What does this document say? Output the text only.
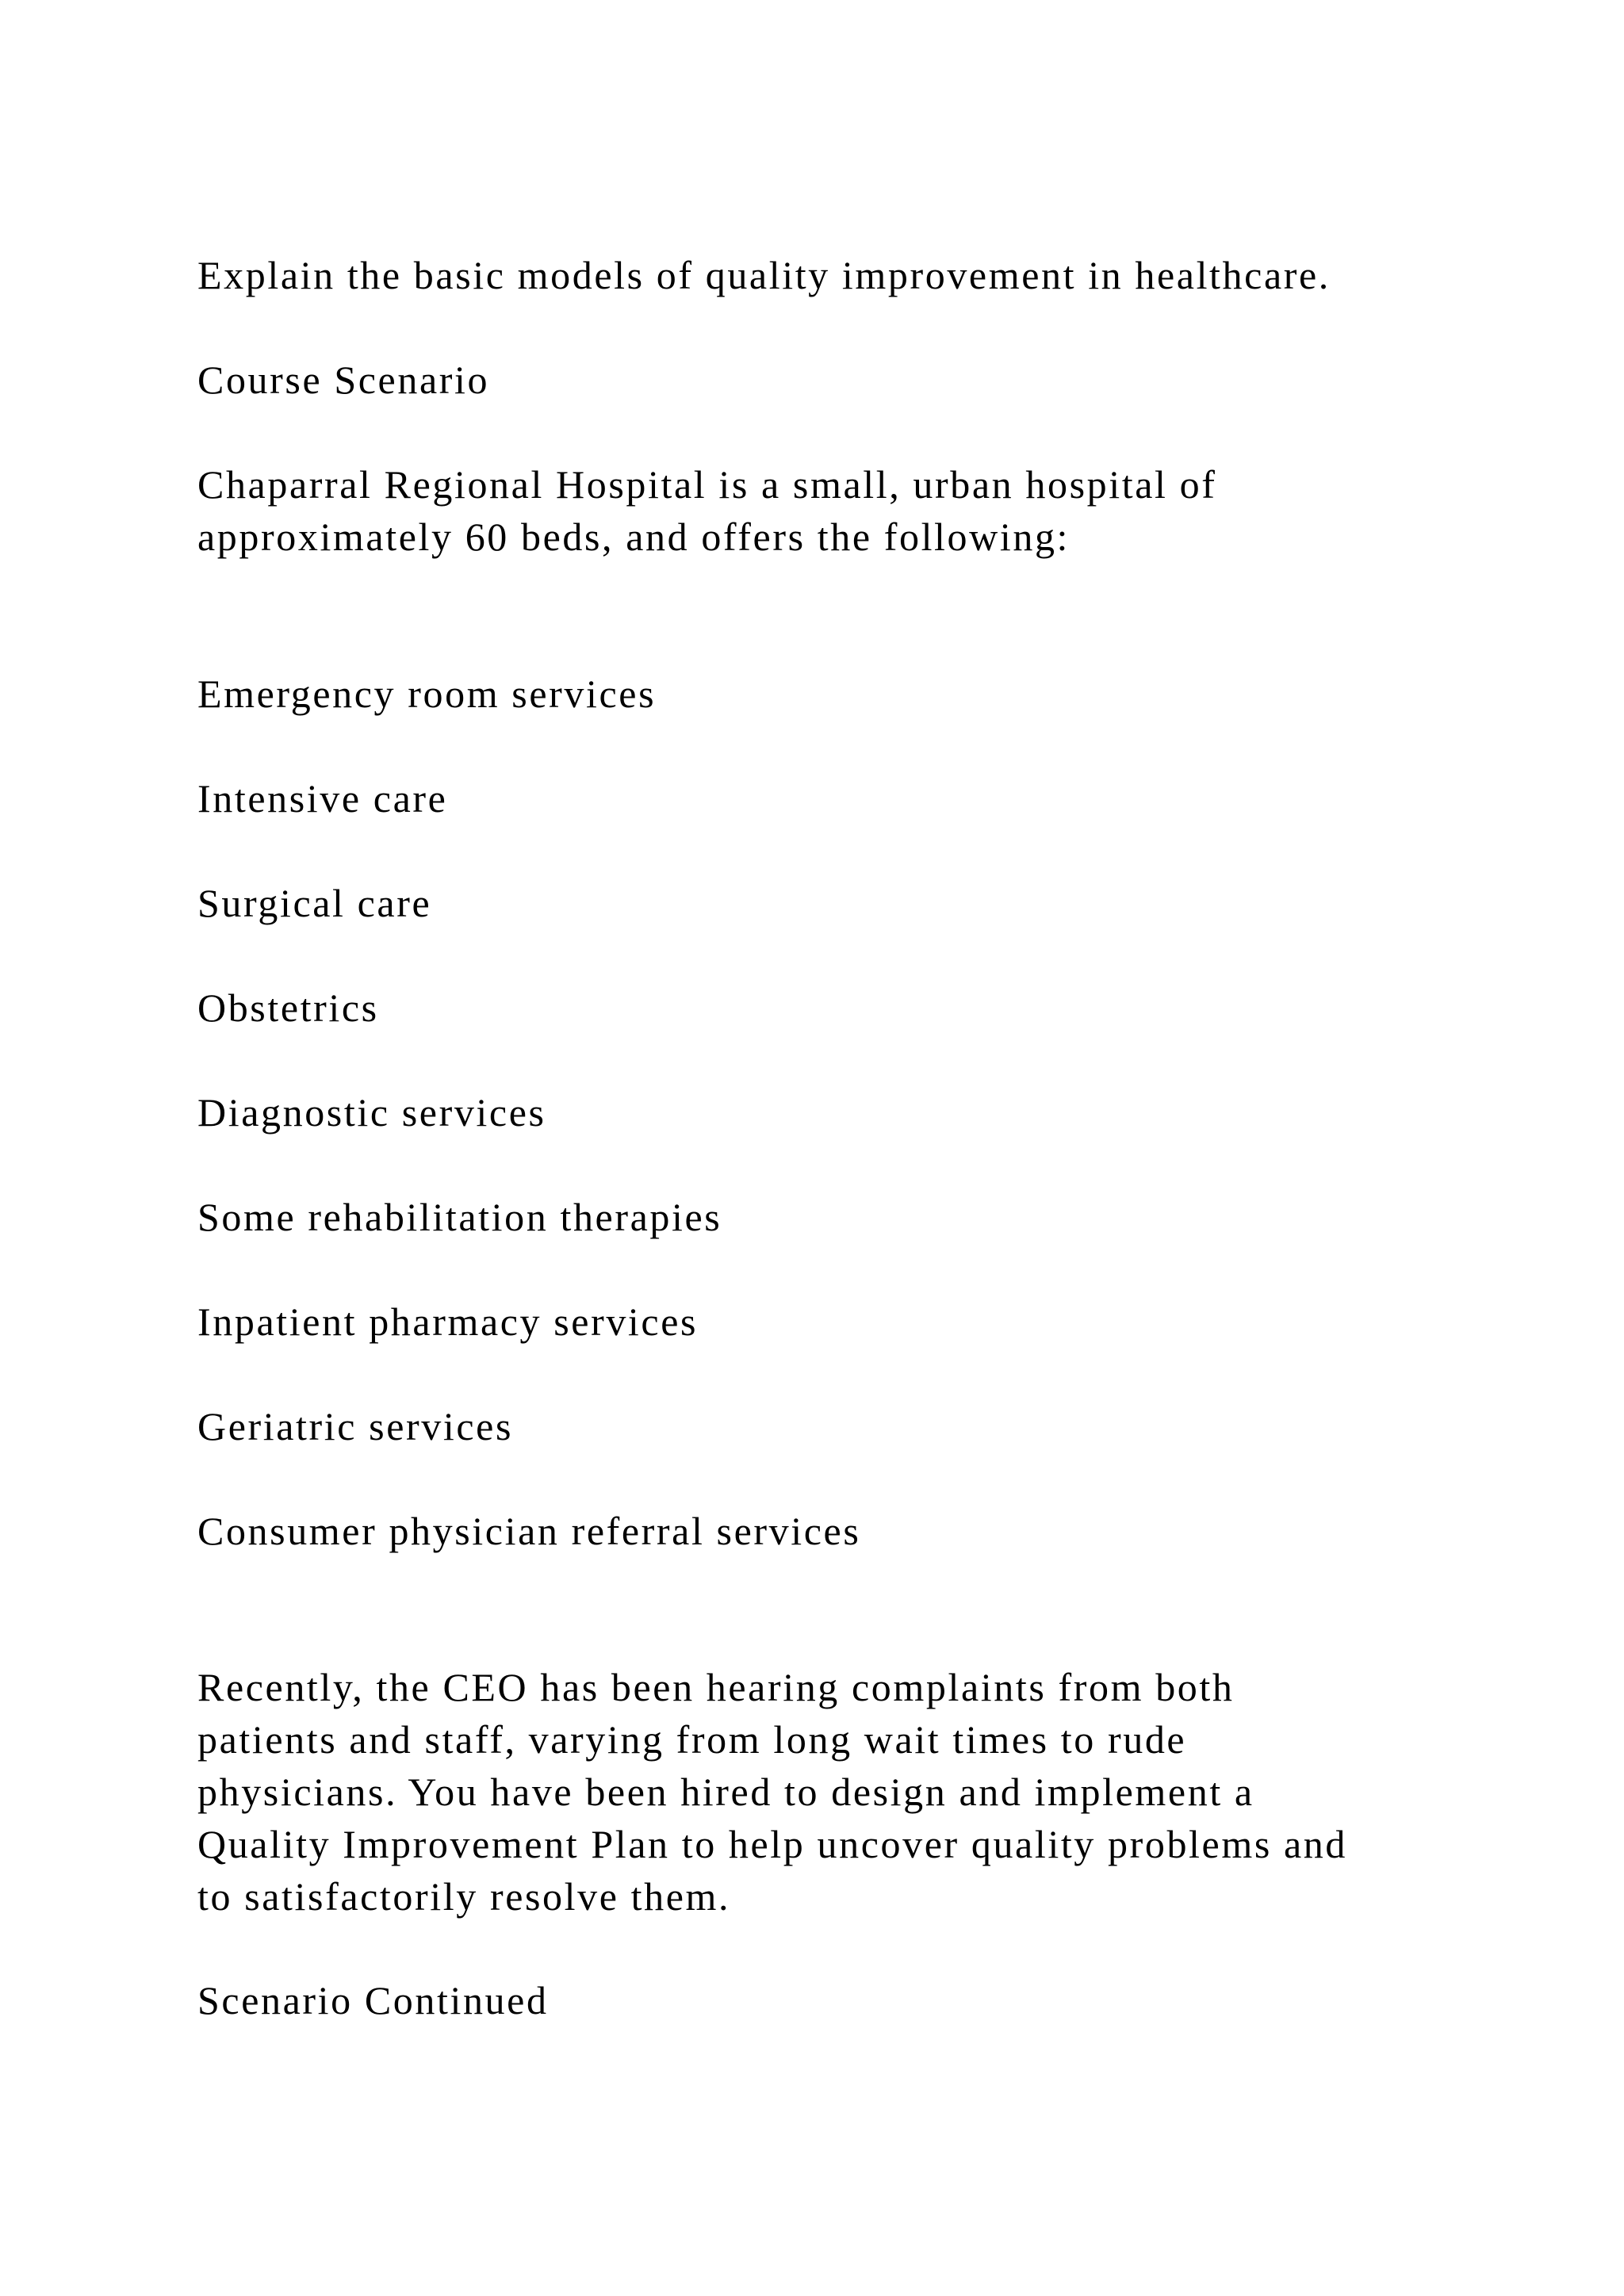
Explain the basic models of quality improvement in healthcare.

Course Scenario

Chaparral Regional Hospital is a small, urban hospital of
approximately 60 beds, and offers the following:

Emergency room services

Intensive care

Surgical care

Obstetrics

Diagnostic services

Some rehabilitation therapies

Inpatient pharmacy services

Geriatric services

Consumer physician referral services

Recently, the CEO has been hearing complaints from both
patients and staff, varying from long wait times to rude
physicians. You have been hired to design and implement a
Quality Improvement Plan to help uncover quality problems and
to satisfactorily resolve them.

Scenario Continued
